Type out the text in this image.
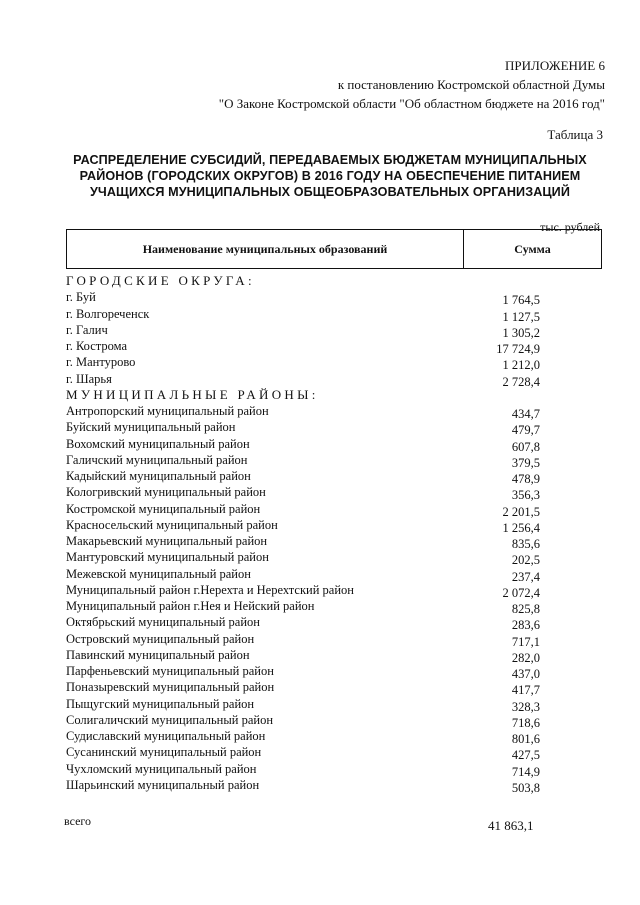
ПРИЛОЖЕНИЕ 6
к постановлению Костромской областной Думы
"О Законе Костромской области "Об областном бюджете на 2016 год"
Таблица 3
РАСПРЕДЕЛЕНИЕ СУБСИДИЙ, ПЕРЕДАВАЕМЫХ БЮДЖЕТАМ МУНИЦИПАЛЬНЫХ
РАЙОНОВ (ГОРОДСКИХ ОКРУГОВ) В 2016 ГОДУ НА ОБЕСПЕЧЕНИЕ ПИТАНИЕМ
УЧАЩИХСЯ МУНИЦИПАЛЬНЫХ ОБЩЕОБРАЗОВАТЕЛЬНЫХ ОРГАНИЗАЦИЙ
тыс. рублей
Наименование муниципальных образований	Сумма
ГОРОДСКИЕ ОКРУГА:
г. Буй	1 764,5
г. Волгореченск	1 127,5
г. Галич	1 305,2
г. Кострома	17 724,9
г. Мантурово	1 212,0
г. Шарья	2 728,4
МУНИЦИПАЛЬНЫЕ РАЙОНЫ:
Антропорский муниципальный район	434,7
Буйский муниципальный район	479,7
Вохомский муниципальный район	607,8
Галичский муниципальный район	379,5
Кадыйский муниципальный район	478,9
Кологривский муниципальный район	356,3
Костромской муниципальный район	2 201,5
Красносельский муниципальный район	1 256,4
Макарьевский муниципальный район	835,6
Мантуровский муниципальный район	202,5
Межевской муниципальный район	237,4
Муниципальный район г.Нерехта и Нерехтский район	2 072,4
Муниципальный район г.Нея и Нейский район	825,8
Октябрьский муниципальный район	283,6
Островский муниципальный район	717,1
Павинский муниципальный район	282,0
Парфеньевский муниципальный район	437,0
Поназыревский муниципальный район	417,7
Пыщугский муниципальный район	328,3
Солигаличский муниципальный район	718,6
Судиславский муниципальный район	801,6
Сусанинский муниципальный район	427,5
Чухломский муниципальный район	714,9
Шарьинский муниципальный район	503,8
всего	41 863,1
